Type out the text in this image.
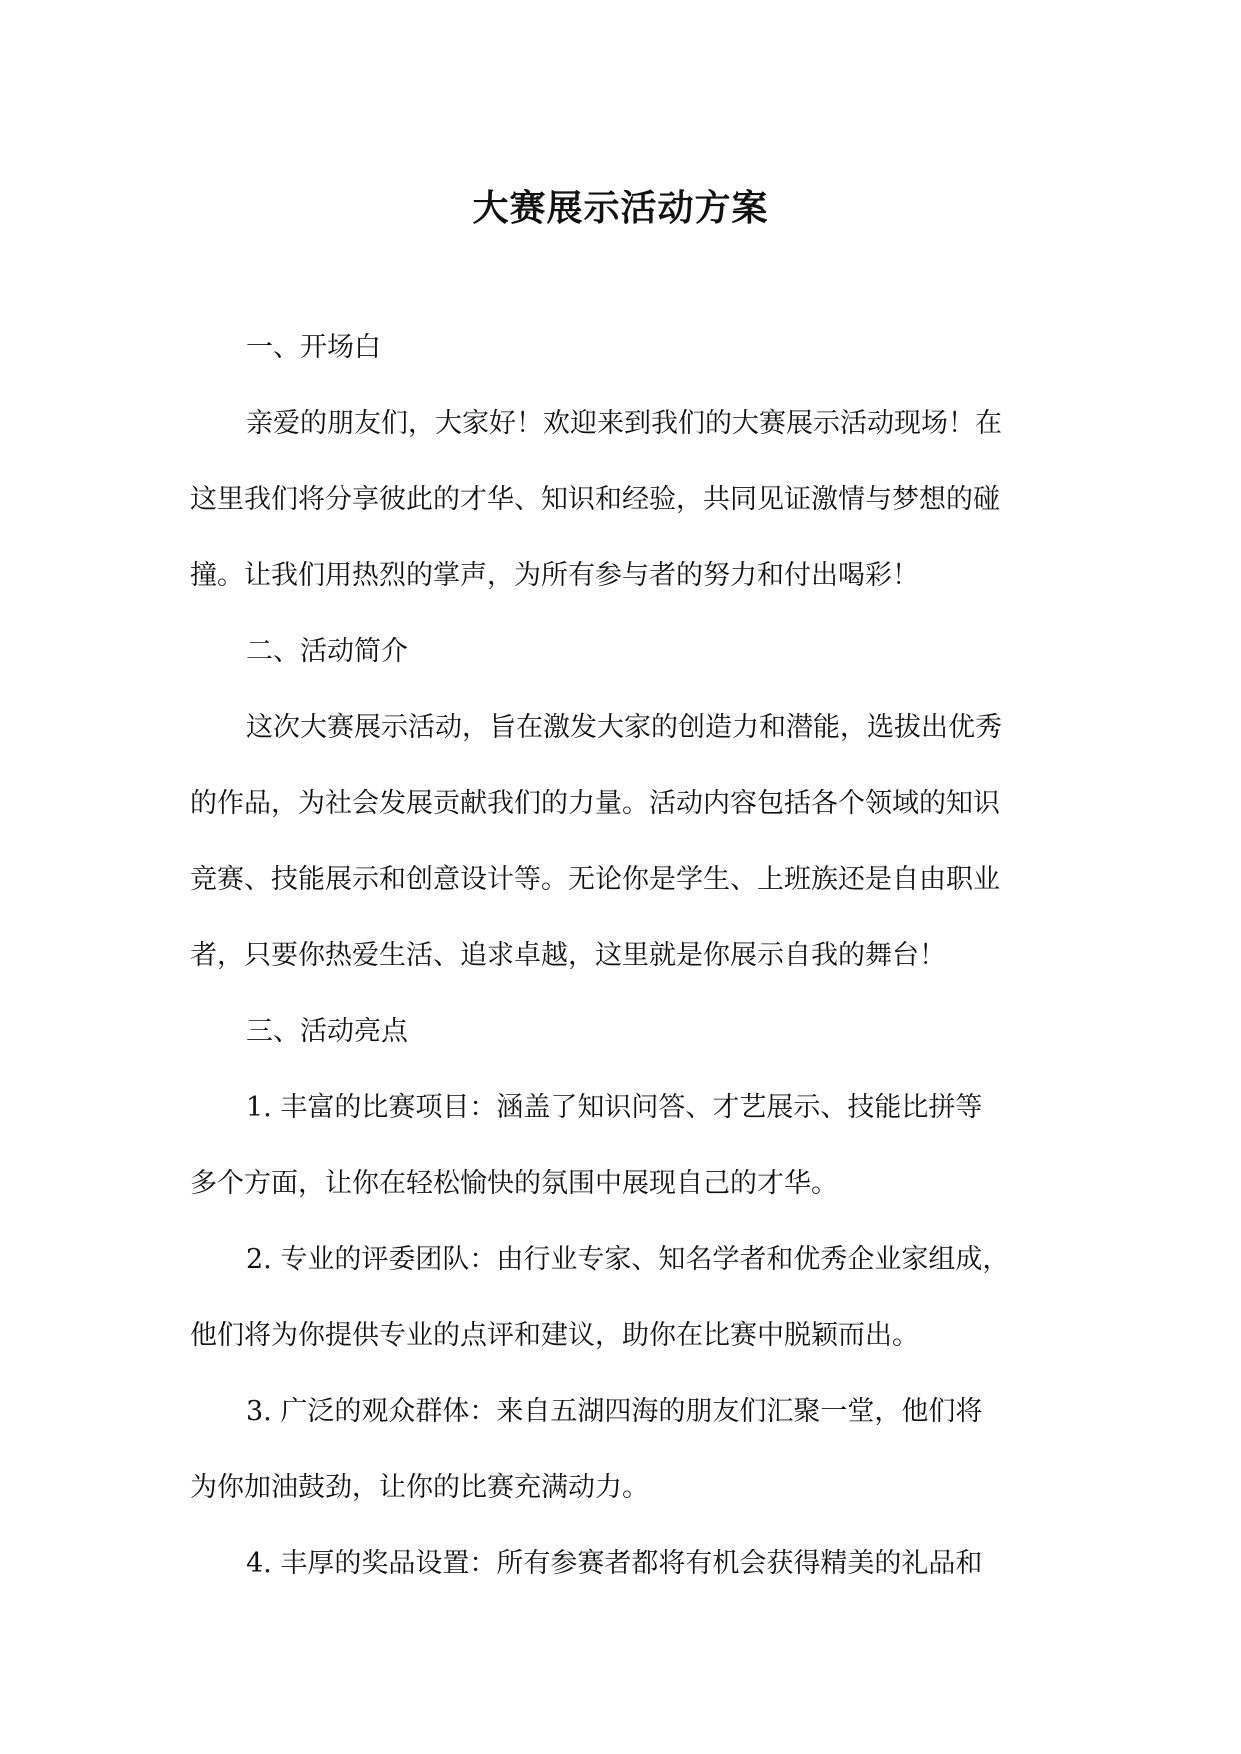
大赛展示活动方案
一、开场白
亲爱的朋友们，大家好！欢迎来到我们的大赛展示活动现场！在
这里我们将分享彼此的才华、知识和经验，共同见证激情与梦想的碰
撞。让我们用热烈的掌声，为所有参与者的努力和付出喝彩！
二、活动简介
这次大赛展示活动，旨在激发大家的创造力和潜能，选拔出优秀
的作品，为社会发展贡献我们的力量。活动内容包括各个领域的知识
竞赛、技能展示和创意设计等。无论你是学生、上班族还是自由职业
者，只要你热爱生活、追求卓越，这里就是你展示自我的舞台！
三、活动亮点
1. 丰富的比赛项目：涵盖了知识问答、才艺展示、技能比拼等
多个方面，让你在轻松愉快的氛围中展现自己的才华。
2. 专业的评委团队：由行业专家、知名学者和优秀企业家组成，
他们将为你提供专业的点评和建议，助你在比赛中脱颖而出。
3. 广泛的观众群体：来自五湖四海的朋友们汇聚一堂，他们将
为你加油鼓劲，让你的比赛充满动力。
4. 丰厚的奖品设置：所有参赛者都将有机会获得精美的礼品和
